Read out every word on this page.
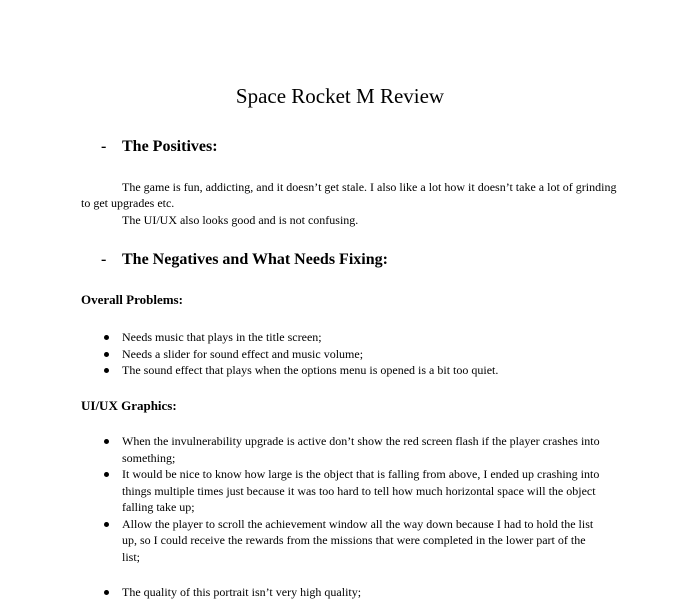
Space Rocket M Review
- The Positives:
The game is fun, addicting, and it doesn’t get stale. I also like a lot how it doesn’t take a lot of grinding to get upgrades etc.
The UI/UX also looks good and is not confusing.
- The Negatives and What Needs Fixing:
Overall Problems:
Needs music that plays in the title screen;
Needs a slider for sound effect and music volume;
The sound effect that plays when the options menu is opened is a bit too quiet.
UI/UX Graphics:
When the invulnerability upgrade is active don’t show the red screen flash if the player crashes into something;
It would be nice to know how large is the object that is falling from above, I ended up crashing into things multiple times just because it was too hard to tell how much horizontal space will the object falling take up;
Allow the player to scroll the achievement window all the way down because I had to hold the list up, so I could receive the rewards from the missions that were completed in the lower part of the list;
The quality of this portrait isn’t very high quality;
